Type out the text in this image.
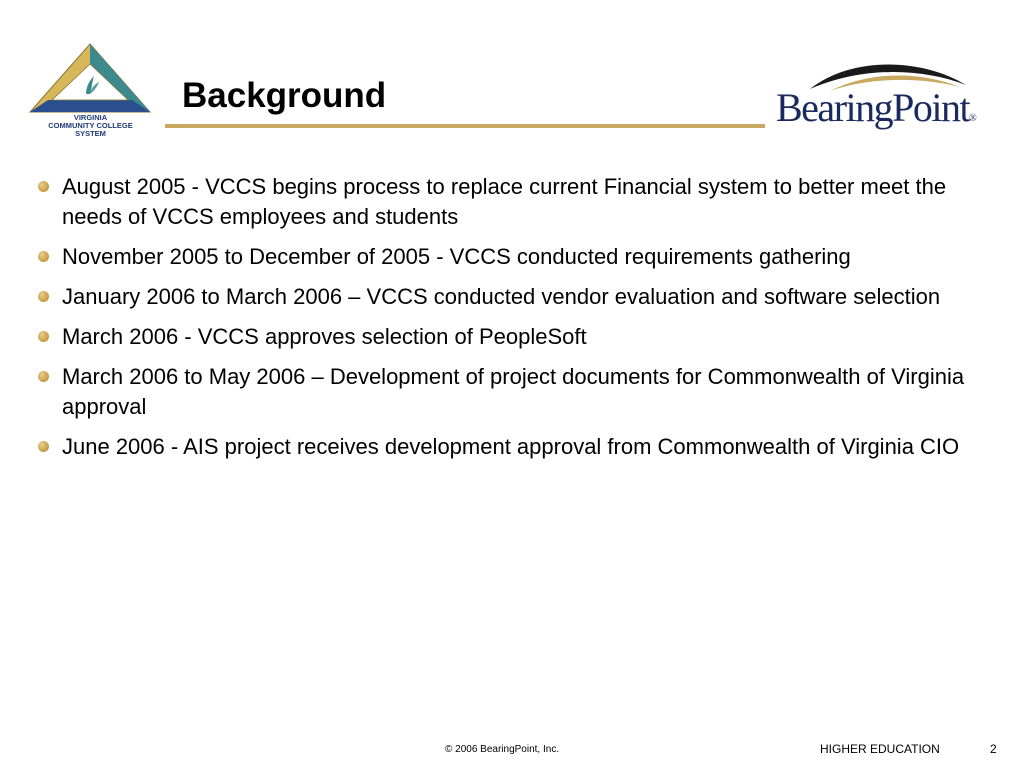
VIRGINIA
COMMUNITY COLLEGE
SYSTEM
Background	BearingPoint®
August 2005 - VCCS begins process to replace current Financial system to better meet the needs of VCCS employees and students
November 2005 to December of 2005 - VCCS conducted requirements gathering
January 2006 to March 2006 – VCCS conducted vendor evaluation and software selection
March 2006 - VCCS approves selection of PeopleSoft
March 2006 to May 2006 – Development of project documents for Commonwealth of Virginia approval
June 2006 - AIS project receives development approval from Commonwealth of Virginia CIO
© 2006 BearingPoint, Inc.	HIGHER EDUCATION	2
